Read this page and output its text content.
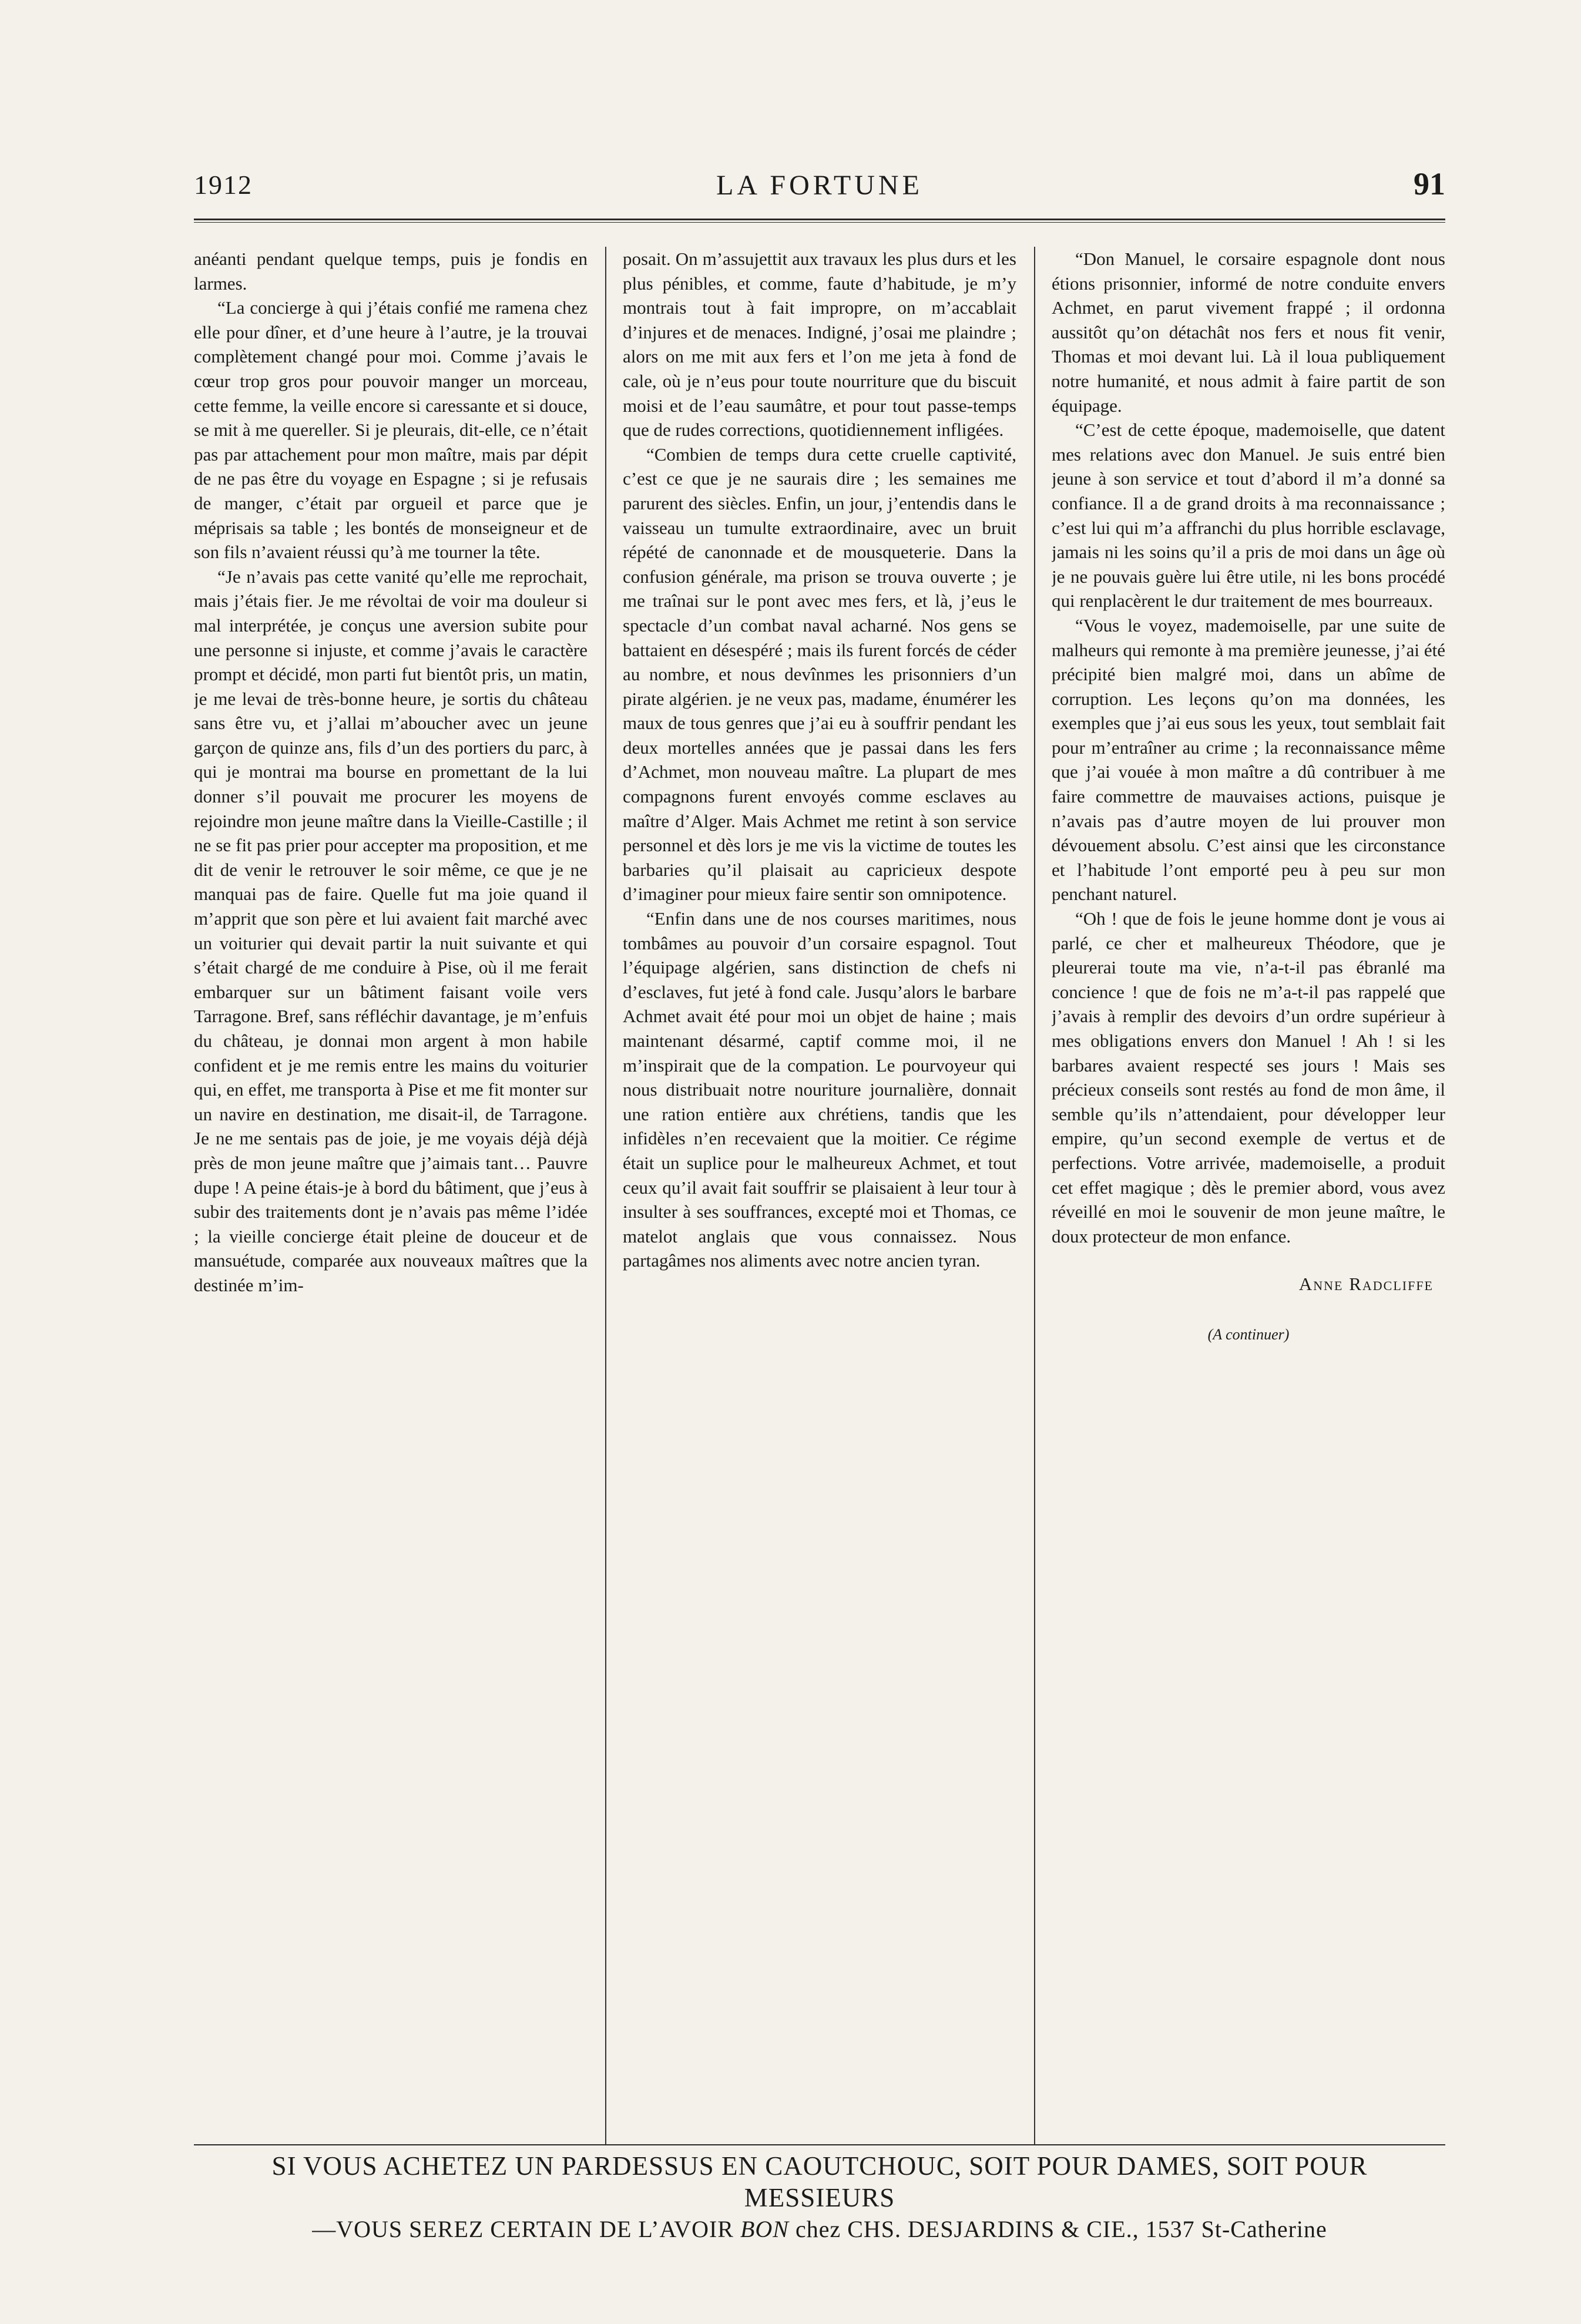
1912	LA FORTUNE	91

anéanti pendant quelque temps, puis je fondis en larmes.

“La concierge à qui j’étais confié me ramena chez elle pour dîner, et d’une heure à l’autre, je la trouvai complètement changé pour moi. Comme j’avais le cœur trop gros pour pouvoir manger un morceau, cette femme, la veille encore si caressante et si douce, se mit à me quereller. Si je pleurais, dit-elle, ce n’était pas par attachement pour mon maître, mais par dépit de ne pas être du voyage en Espagne ; si je refusais de manger, c’était par orgueil et parce que je méprisais sa table ; les bontés de monseigneur et de son fils n’avaient réussi qu’à me tourner la tête.

“Je n’avais pas cette vanité qu’elle me reprochait, mais j’étais fier. Je me révoltai de voir ma douleur si mal interprétée, je conçus une aversion subite pour une personne si injuste, et comme j’avais le caractère prompt et décidé, mon parti fut bientôt pris, un matin, je me levai de très-bonne heure, je sortis du château sans être vu, et j’allai m’aboucher avec un jeune garçon de quinze ans, fils d’un des portiers du parc, à qui je montrai ma bourse en promettant de la lui donner s’il pouvait me procurer les moyens de rejoindre mon jeune maître dans la Vieille-Castille ; il ne se fit pas prier pour accepter ma proposition, et me dit de venir le retrouver le soir même, ce que je ne manquai pas de faire. Quelle fut ma joie quand il m’apprit que son père et lui avaient fait marché avec un voiturier qui devait partir la nuit suivante et qui s’était chargé de me conduire à Pise, où il me ferait embarquer sur un bâtiment faisant voile vers Tarragone. Bref, sans réfléchir davantage, je m’enfuis du château, je donnai mon argent à mon habile confident et je me remis entre les mains du voiturier qui, en effet, me transporta à Pise et me fit monter sur un navire en destination, me disait-il, de Tarragone. Je ne me sentais pas de joie, je me voyais déjà déjà près de mon jeune maître que j’aimais tant… Pauvre dupe ! A peine étais-je à bord du bâtiment, que j’eus à subir des traitements dont je n’avais pas même l’idée ; la vieille concierge était pleine de douceur et de mansuétude, comparée aux nouveaux maîtres que la destinée m’im-

posait. On m’assujettit aux travaux les plus durs et les plus pénibles, et comme, faute d’habitude, je m’y montrais tout à fait impropre, on m’accablait d’injures et de menaces. Indigné, j’osai me plaindre ; alors on me mit aux fers et l’on me jeta à fond de cale, où je n’eus pour toute nourriture que du biscuit moisi et de l’eau saumâtre, et pour tout passe-temps que de rudes corrections, quotidiennement infligées.

“Combien de temps dura cette cruelle captivité, c’est ce que je ne saurais dire ; les semaines me parurent des siècles. Enfin, un jour, j’entendis dans le vaisseau un tumulte extraordinaire, avec un bruit répété de canonnade et de mousqueterie. Dans la confusion générale, ma prison se trouva ouverte ; je me traînai sur le pont avec mes fers, et là, j’eus le spectacle d’un combat naval acharné. Nos gens se battaient en désespéré ; mais ils furent forcés de céder au nombre, et nous devînmes les prisonniers d’un pirate algérien. je ne veux pas, madame, énumérer les maux de tous genres que j’ai eu à souffrir pendant les deux mortelles années que je passai dans les fers d’Achmet, mon nouveau maître. La plupart de mes compagnons furent envoyés comme esclaves au maître d’Alger. Mais Achmet me retint à son service personnel et dès lors je me vis la victime de toutes les barbaries qu’il plaisait au capricieux despote d’imaginer pour mieux faire sentir son omnipotence.

“Enfin dans une de nos courses maritimes, nous tombâmes au pouvoir d’un corsaire espagnol. Tout l’équipage algérien, sans distinction de chefs ni d’esclaves, fut jeté à fond cale. Jusqu’alors le barbare Achmet avait été pour moi un objet de haine ; mais maintenant désarmé, captif comme moi, il ne m’inspirait que de la compation. Le pourvoyeur qui nous distribuait notre nouriture journalière, donnait une ration entière aux chrétiens, tandis que les infidèles n’en recevaient que la moitier. Ce régime était un suplice pour le malheureux Achmet, et tout ceux qu’il avait fait souffrir se plaisaient à leur tour à insulter à ses souffrances, excepté moi et Thomas, ce matelot anglais que vous connaissez. Nous partagâmes nos aliments avec notre ancien tyran.

“Don Manuel, le corsaire espagnole dont nous étions prisonnier, informé de notre conduite envers Achmet, en parut vivement frappé ; il ordonna aussitôt qu’on détachât nos fers et nous fit venir, Thomas et moi devant lui. Là il loua publiquement notre humanité, et nous admit à faire partit de son équipage.

“C’est de cette époque, mademoiselle, que datent mes relations avec don Manuel. Je suis entré bien jeune à son service et tout d’abord il m’a donné sa confiance. Il a de grand droits à ma reconnaissance ; c’est lui qui m’a affranchi du plus horrible esclavage, jamais ni les soins qu’il a pris de moi dans un âge où je ne pouvais guère lui être utile, ni les bons procédé qui renplacèrent le dur traitement de mes bourreaux.

“Vous le voyez, mademoiselle, par une suite de malheurs qui remonte à ma première jeunesse, j’ai été précipité bien malgré moi, dans un abîme de corruption. Les leçons qu’on ma données, les exemples que j’ai eus sous les yeux, tout semblait fait pour m’entraîner au crime ; la reconnaissance même que j’ai vouée à mon maître a dû contribuer à me faire commettre de mauvaises actions, puisque je n’avais pas d’autre moyen de lui prouver mon dévouement absolu. C’est ainsi que les circonstance et l’habitude l’ont emporté peu à peu sur mon penchant naturel.

“Oh ! que de fois le jeune homme dont je vous ai parlé, ce cher et malheureux Théodore, que je pleurerai toute ma vie, n’a-t-il pas ébranlé ma concience ! que de fois ne m’a-t-il pas rappelé que j’avais à remplir des devoirs d’un ordre supérieur à mes obligations envers don Manuel ! Ah ! si les barbares avaient respecté ses jours ! Mais ses précieux conseils sont restés au fond de mon âme, il semble qu’ils n’attendaient, pour développer leur empire, qu’un second exemple de vertus et de perfections. Votre arrivée, mademoiselle, a produit cet effet magique ; dès le premier abord, vous avez réveillé en moi le souvenir de mon jeune maître, le doux protecteur de mon enfance.

Anne Radcliffe
(A continuer)
SI VOUS ACHETEZ UN PARDESSUS EN CAOUTCHOUC, SOIT POUR DAMES, SOIT POUR MESSIEURS
—VOUS SEREZ CERTAIN DE L’AVOIR BON chez CHS. DESJARDINS & CIE., 1537 St-Catherine
